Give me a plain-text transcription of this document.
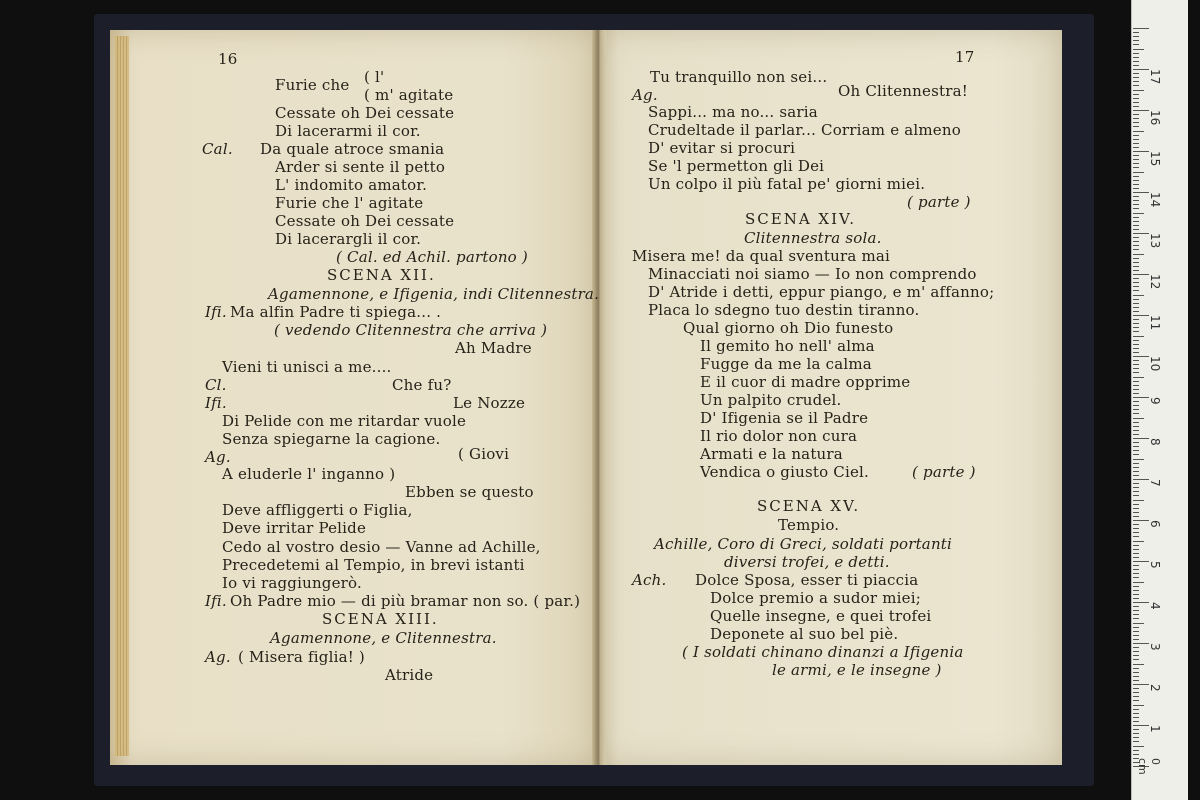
16
Furie che ( l'
( m' agitate
Cessate oh Dei cessate
Di lacerarmi il cor.
Cal. Da quale atroce smania
Arder si sente il petto
L' indomito amator.
Furie che l' agitate
Cessate oh Dei cessate
Di lacerargli il cor.
( Cal. ed Achil. partono )
SCENA XII.
Agamennone, e Ifigenia, indi Clitennestra.
Ifi. Ma alfin Padre ti spiega... .
( vedendo Clitennestra che arriva )
Ah Madre
Vieni ti unisci a me....
Cl.	Che fu?
Ifi.	Le Nozze
Di Pelide con me ritardar vuole
Senza spiegarne la cagione.
Ag.	( Giovi
A eluderle l' inganno )
Ebben se questo
Deve affliggerti o Figlia,
Deve irritar Pelide
Cedo al vostro desio — Vanne ad Achille,
Precedetemi al Tempio, in brevi istanti
Io vi raggiungerò.
Ifi. Oh Padre mio — di più bramar non so. ( par.)
SCENA XIII.
Agamennone, e Clitennestra.
Ag. ( Misera figlia! )
Atride
17
Tu tranquillo non sei...
Ag.	Oh Clitennestra!
Sappi... ma no... saria
Crudeltade il parlar... Corriam e almeno
D' evitar si procuri
Se 'l permetton gli Dei
Un colpo il più fatal pe' giorni miei.
( parte )
SCENA XIV.
Clitennestra sola.
Misera me! da qual sventura mai
Minacciati noi siamo — Io non comprendo
D' Atride i detti, eppur piango, e m' affanno;
Placa lo sdegno tuo destin tiranno.
Qual giorno oh Dio funesto
Il gemito ho nell' alma
Fugge da me la calma
E il cuor di madre opprime
Un palpito crudel.
D' Ifigenia se il Padre
Il rio dolor non cura
Armati e la natura
Vendica o giusto Ciel.	( parte )
SCENA XV.
Tempio.
Achille, Coro di Greci, soldati portanti
diversi trofei, e detti.
Ach. Dolce Sposa, esser ti piaccia
Dolce premio a sudor miei;
Quelle insegne, e quei trofei
Deponete al suo bel piè.
( I soldati chinano dinanzi a Ifigenia
le armi, e le insegne )
0 cm
1
2
3
4
5
6
7
8
9
10
11
12
13
14
15
16
17
